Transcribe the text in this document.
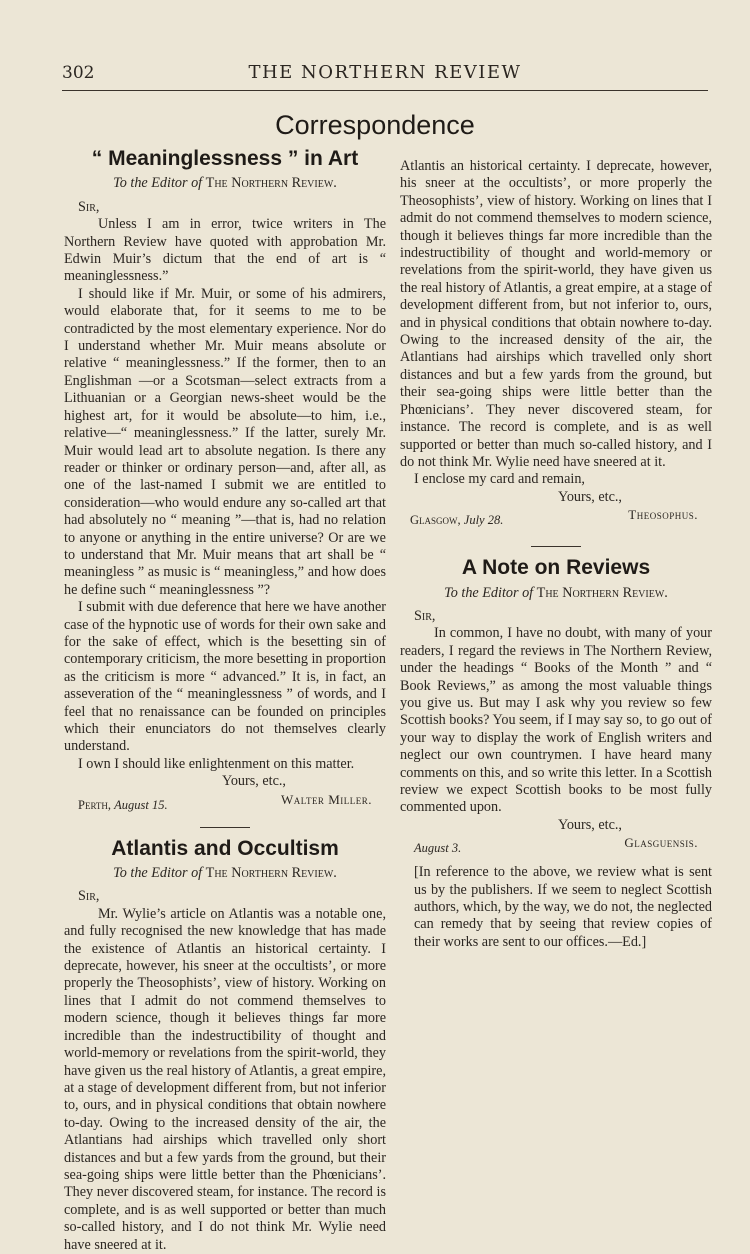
302	THE NORTHERN REVIEW
Correspondence
“ Meaninglessness ” in Art
To the Editor of The Northern Review.
Sir,

Unless I am in error, twice writers in The Northern Review have quoted with approbation Mr. Edwin Muir’s dictum that the end of art is “ meaninglessness.”

I should like if Mr. Muir, or some of his admirers, would elaborate that, for it seems to me to be contradicted by the most elementary experience. Nor do I understand whether Mr. Muir means absolute or relative “ meaninglessness.” If the former, then to an Englishman —or a Scotsman—select extracts from a Lithuanian or a Georgian news-sheet would be the highest art, for it would be absolute—to him, i.e., relative—“ meaninglessness.” If the latter, surely Mr. Muir would lead art to absolute negation. Is there any reader or thinker or ordinary person—and, after all, as one of the last-named I submit we are entitled to consideration—who would endure any so-called art that had absolutely no “ meaning ”—that is, had no relation to anyone or anything in the entire universe? Or are we to understand that Mr. Muir means that art shall be “ meaningless ” as music is “ meaningless,” and how does he define such “ meaninglessness ”?

I submit with due deference that here we have another case of the hypnotic use of words for their own sake and for the sake of effect, which is the besetting sin of contemporary criticism, the more besetting in proportion as the criticism is more “ advanced.” It is, in fact, an asseveration of the “ meaninglessness ” of words, and I feel that no renaissance can be founded on principles which their enunciators do not themselves clearly understand.

I own I should like enlightenment on this matter.

Yours, etc.,

Perth, August 15.	Walter Miller.
Atlantis and Occultism
To the Editor of The Northern Review.
Sir,

Mr. Wylie’s article on Atlantis was a notable one, and fully recognised the new knowledge that has made the existence of Atlantis an historical certainty. I deprecate, however, his sneer at the occultists’, or more properly the Theosophists’, view of history. Working on lines that I admit do not commend themselves to modern science, though it believes things far more incredible than the indestructibility of thought and world-memory or revelations from the spirit-world, they have given us the real history of Atlantis, a great empire, at a stage of development different from, but not inferior to, ours, and in physical conditions that obtain nowhere to-day. Owing to the increased density of the air, the Atlantians had airships which travelled only short distances and but a few yards from the ground, but their sea-going ships were little better than the Phœnicians’. They never discovered steam, for instance. The record is complete, and is as well supported or better than much so-called history, and I do not think Mr. Wylie need have sneered at it.

Atlantis an historical certainty. I deprecate, however, his sneer at the occultists’, or more properly the Theosophists’, view of history. Working on lines that I admit do not commend themselves to modern science, though it believes things far more incredible than the indestructibility of thought and world-memory or revelations from the spirit-world, they have given us the real history of Atlantis, a great empire, at a stage of development different from, but not inferior to, ours, and in physical conditions that obtain nowhere to-day. Owing to the increased density of the air, the Atlantians had airships which travelled only short distances and but a few yards from the ground, but their sea-going ships were little better than the Phœnicians’. They never discovered steam, for instance. The record is complete, and is as well supported or better than much so-called history, and I do not think Mr. Wylie need have sneered at it.

I enclose my card and remain,

Yours, etc.,

Glasgow, July 28.	Theosophus.
A Note on Reviews
To the Editor of The Northern Review.
Sir,

In common, I have no doubt, with many of your readers, I regard the reviews in The Northern Review, under the headings “ Books of the Month ” and “ Book Reviews,” as among the most valuable things you give us. But may I ask why you review so few Scottish books? You seem, if I may say so, to go out of your way to display the work of English writers and neglect our own countrymen. I have heard many comments on this, and so write this letter. In a Scottish review we expect Scottish books to be most fully commented upon.

Yours, etc.,

August 3.	Glasguensis.

[In reference to the above, we review what is sent us by the publishers. If we seem to neglect Scottish authors, which, by the way, we do not, the neglected can remedy that by seeing that review copies of their works are sent to our offices.—Ed.]
